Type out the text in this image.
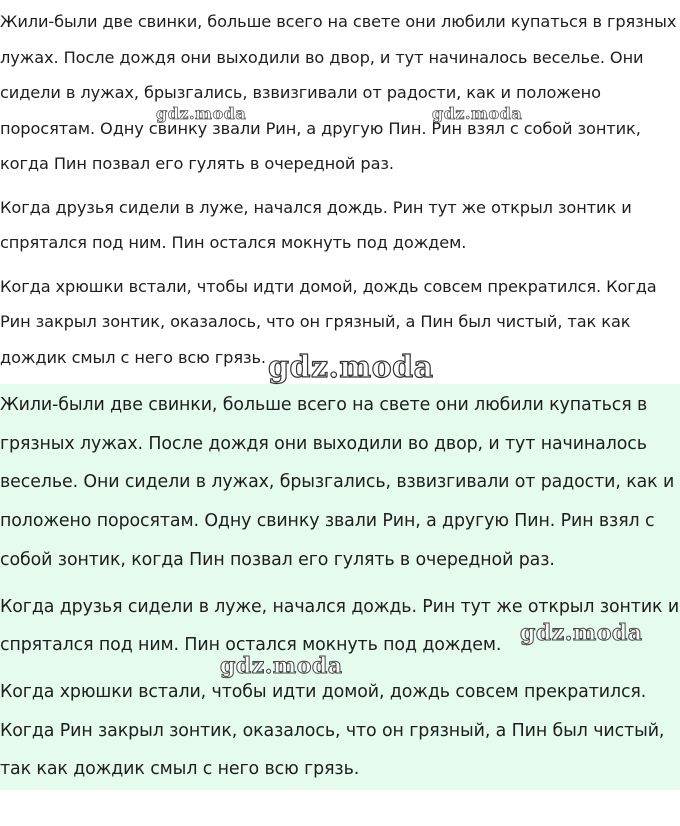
Жили-были две свинки, больше всего на свете они любили купаться в грязных лужах. После дождя они выходили во двор, и тут начиналось веселье. Они сидели в лужах, брызгались, взвизгивали от радости, как и положено поросятам. Одну свинку звали Рин, а другую Пин. Рин взял с собой зонтик, когда Пин позвал его гулять в очередной раз.

Когда друзья сидели в луже, начался дождь. Рин тут же открыл зонтик и спрятался под ним. Пин остался мокнуть под дождем.

Когда хрюшки встали, чтобы идти домой, дождь совсем прекратился. Когда Рин закрыл зонтик, оказалось, что он грязный, а Пин был чистый, так как дождик смыл с него всю грязь.

Жили-были две свинки, больше всего на свете они любили купаться в грязных лужах. После дождя они выходили во двор, и тут начиналось веселье. Они сидели в лужах, брызгались, взвизгивали от радости, как и положено поросятам. Одну свинку звали Рин, а другую Пин. Рин взял с собой зонтик, когда Пин позвал его гулять в очередной раз.

Когда друзья сидели в луже, начался дождь. Рин тут же открыл зонтик и спрятался под ним. Пин остался мокнуть под дождем.

Когда хрюшки встали, чтобы идти домой, дождь совсем прекратился. Когда Рин закрыл зонтик, оказалось, что он грязный, а Пин был чистый, так как дождик смыл с него всю грязь.

gdz.moda	gdz.moda
gdz.moda
gdz.moda
gdz.moda
